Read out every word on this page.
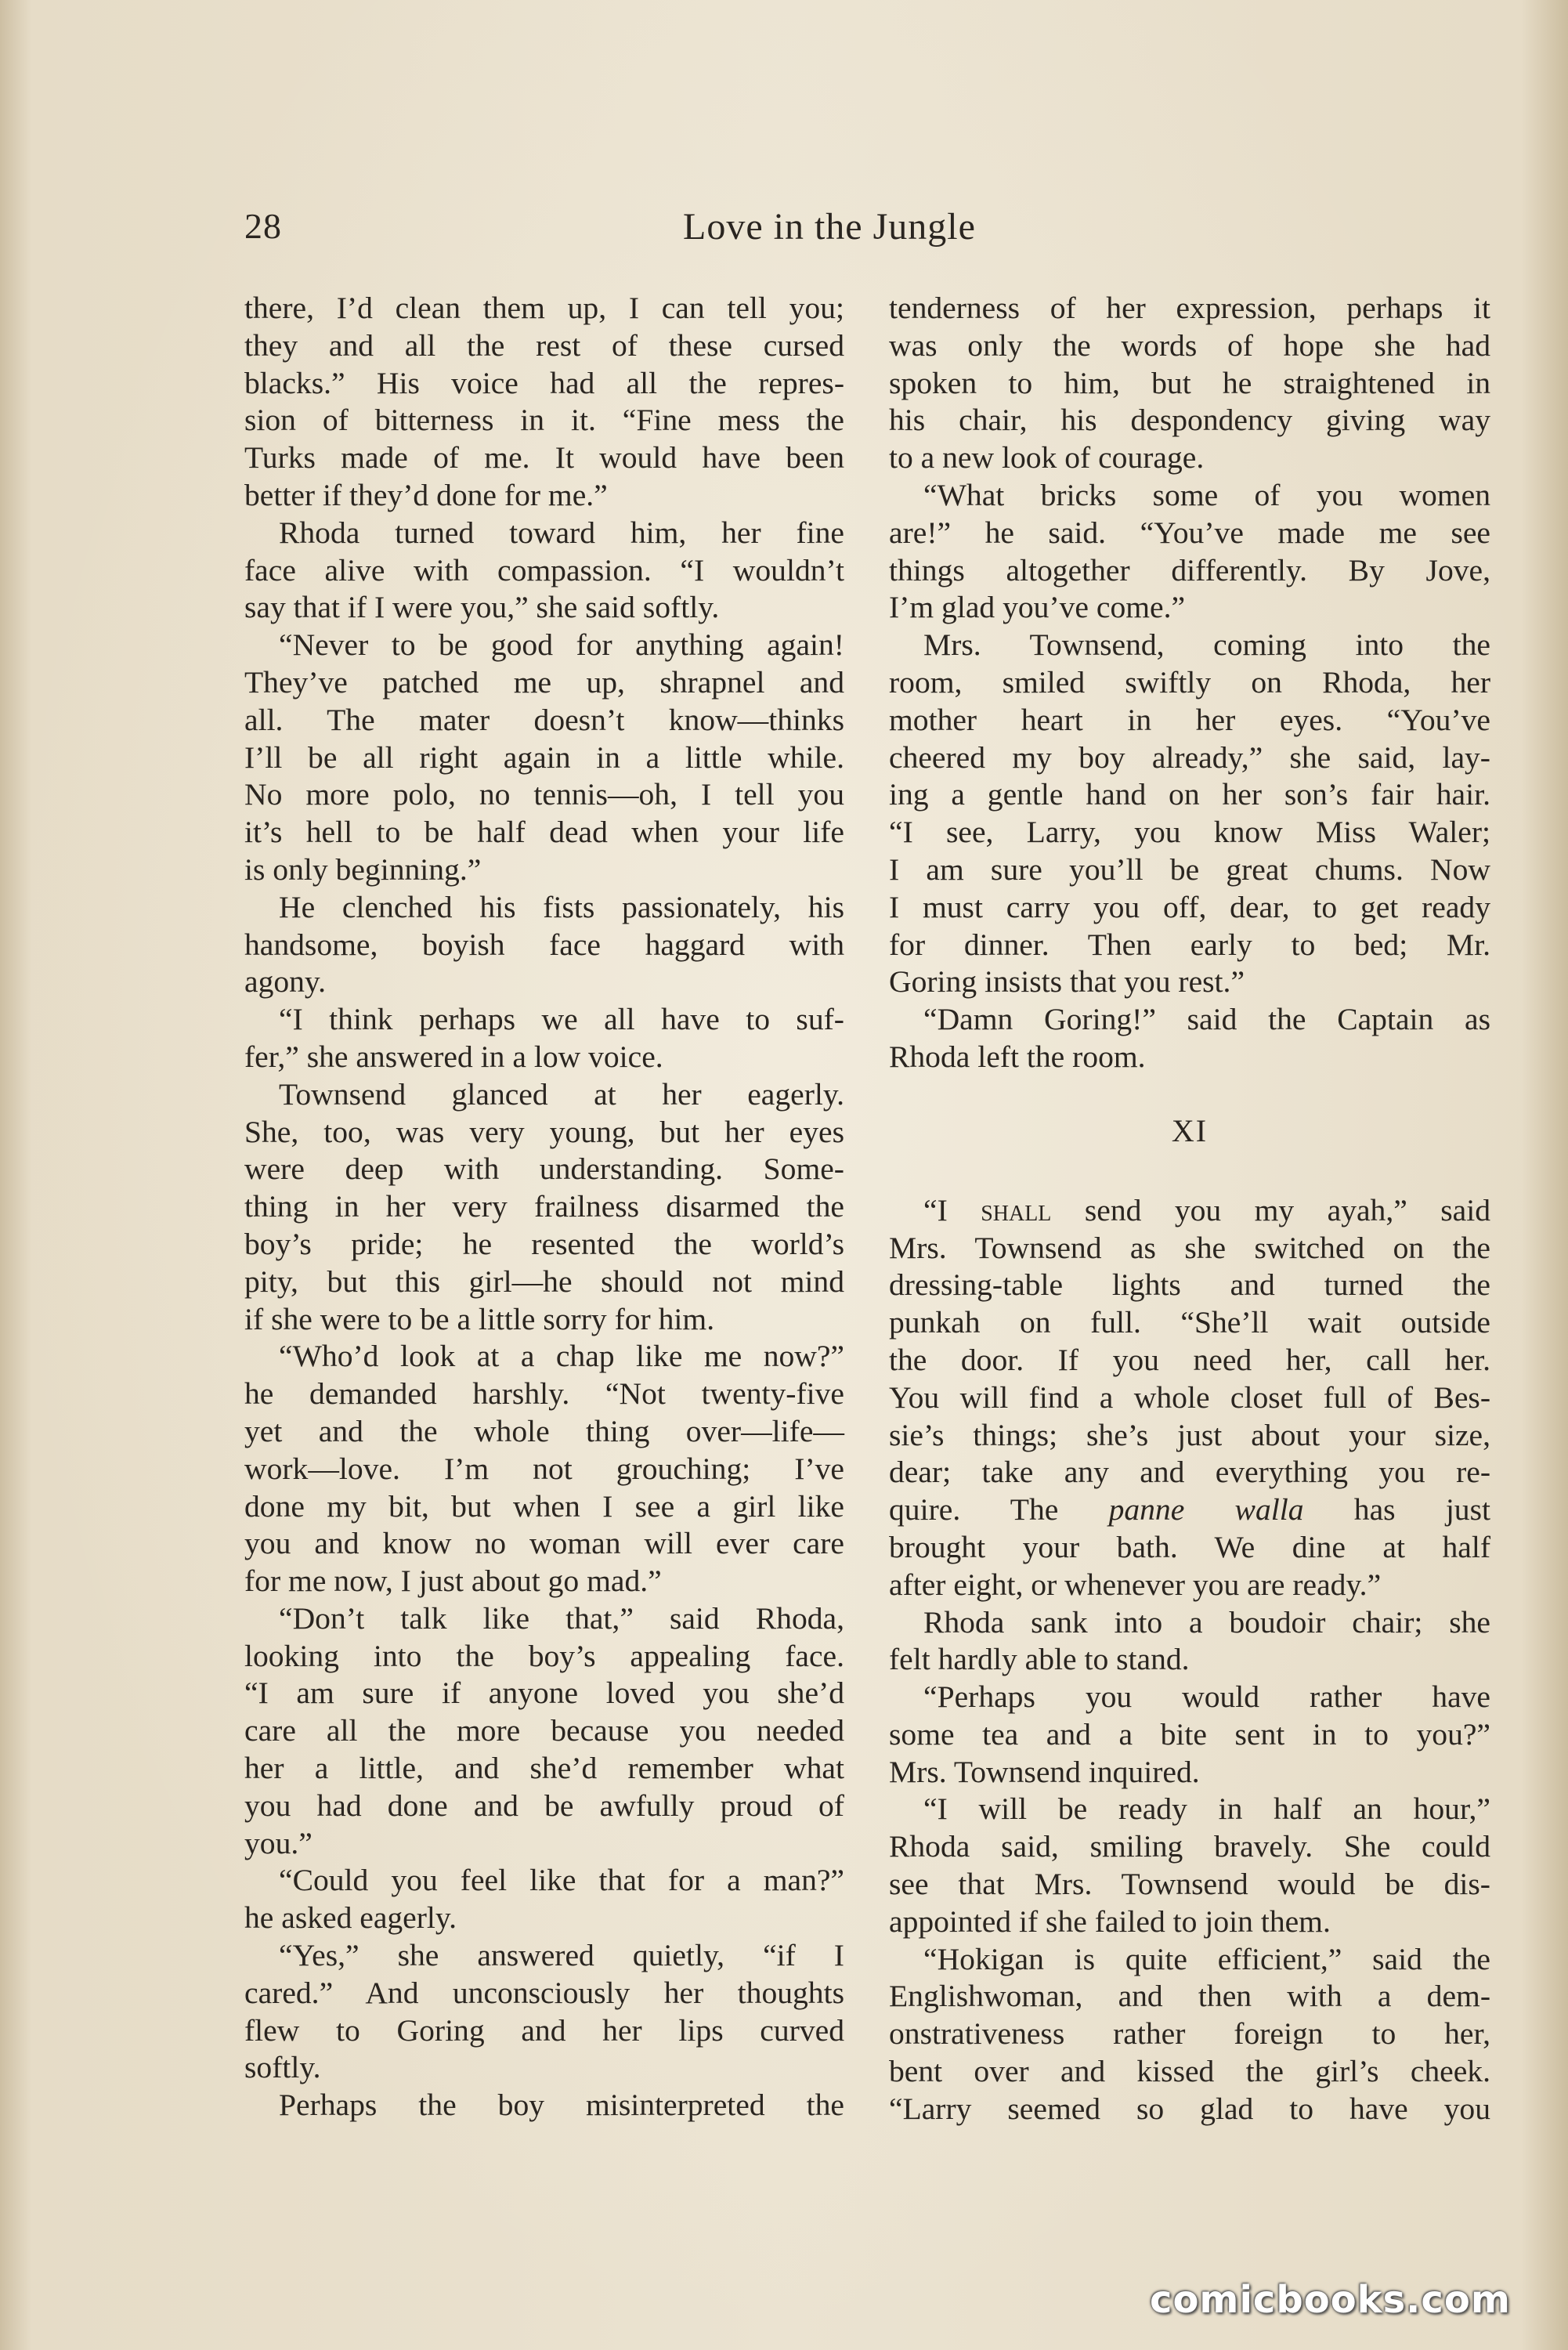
28	Love in the Jungle
there, I’d clean them up, I can tell you;
they and all the rest of these cursed
blacks.” His voice had all the repres-
sion of bitterness in it. “Fine mess the
Turks made of me. It would have been
better if they’d done for me.”
Rhoda turned toward him, her fine
face alive with compassion. “I wouldn’t
say that if I were you,” she said softly.
“Never to be good for anything again!
They’ve patched me up, shrapnel and
all. The mater doesn’t know—thinks
I’ll be all right again in a little while.
No more polo, no tennis—oh, I tell you
it’s hell to be half dead when your life
is only beginning.”
He clenched his fists passionately, his
handsome, boyish face haggard with
agony.
“I think perhaps we all have to suf-
fer,” she answered in a low voice.
Townsend glanced at her eagerly.
She, too, was very young, but her eyes
were deep with understanding. Some-
thing in her very frailness disarmed the
boy’s pride; he resented the world’s
pity, but this girl—he should not mind
if she were to be a little sorry for him.
“Who’d look at a chap like me now?”
he demanded harshly. “Not twenty-five
yet and the whole thing over—life—
work—love. I’m not grouching; I’ve
done my bit, but when I see a girl like
you and know no woman will ever care
for me now, I just about go mad.”
“Don’t talk like that,” said Rhoda,
looking into the boy’s appealing face.
“I am sure if anyone loved you she’d
care all the more because you needed
her a little, and she’d remember what
you had done and be awfully proud of
you.”
“Could you feel like that for a man?”
he asked eagerly.
“Yes,” she answered quietly, “if I
cared.” And unconsciously her thoughts
flew to Goring and her lips curved
softly.
Perhaps the boy misinterpreted the
tenderness of her expression, perhaps it
was only the words of hope she had
spoken to him, but he straightened in
his chair, his despondency giving way
to a new look of courage.
“What bricks some of you women
are!” he said. “You’ve made me see
things altogether differently. By Jove,
I’m glad you’ve come.”
Mrs. Townsend, coming into the
room, smiled swiftly on Rhoda, her
mother heart in her eyes. “You’ve
cheered my boy already,” she said, lay-
ing a gentle hand on her son’s fair hair.
“I see, Larry, you know Miss Waler;
I am sure you’ll be great chums. Now
I must carry you off, dear, to get ready
for dinner. Then early to bed; Mr.
Goring insists that you rest.”
“Damn Goring!” said the Captain as
Rhoda left the room.
XI
“I shall send you my ayah,” said
Mrs. Townsend as she switched on the
dressing-table lights and turned the
punkah on full. “She’ll wait outside
the door. If you need her, call her.
You will find a whole closet full of Bes-
sie’s things; she’s just about your size,
dear; take any and everything you re-
quire. The panne walla has just
brought your bath. We dine at half
after eight, or whenever you are ready.”
Rhoda sank into a boudoir chair; she
felt hardly able to stand.
“Perhaps you would rather have
some tea and a bite sent in to you?”
Mrs. Townsend inquired.
“I will be ready in half an hour,”
Rhoda said, smiling bravely. She could
see that Mrs. Townsend would be dis-
appointed if she failed to join them.
“Hokigan is quite efficient,” said the
Englishwoman, and then with a dem-
onstrativeness rather foreign to her,
bent over and kissed the girl’s cheek.
“Larry seemed so glad to have you
comicbooks.com
